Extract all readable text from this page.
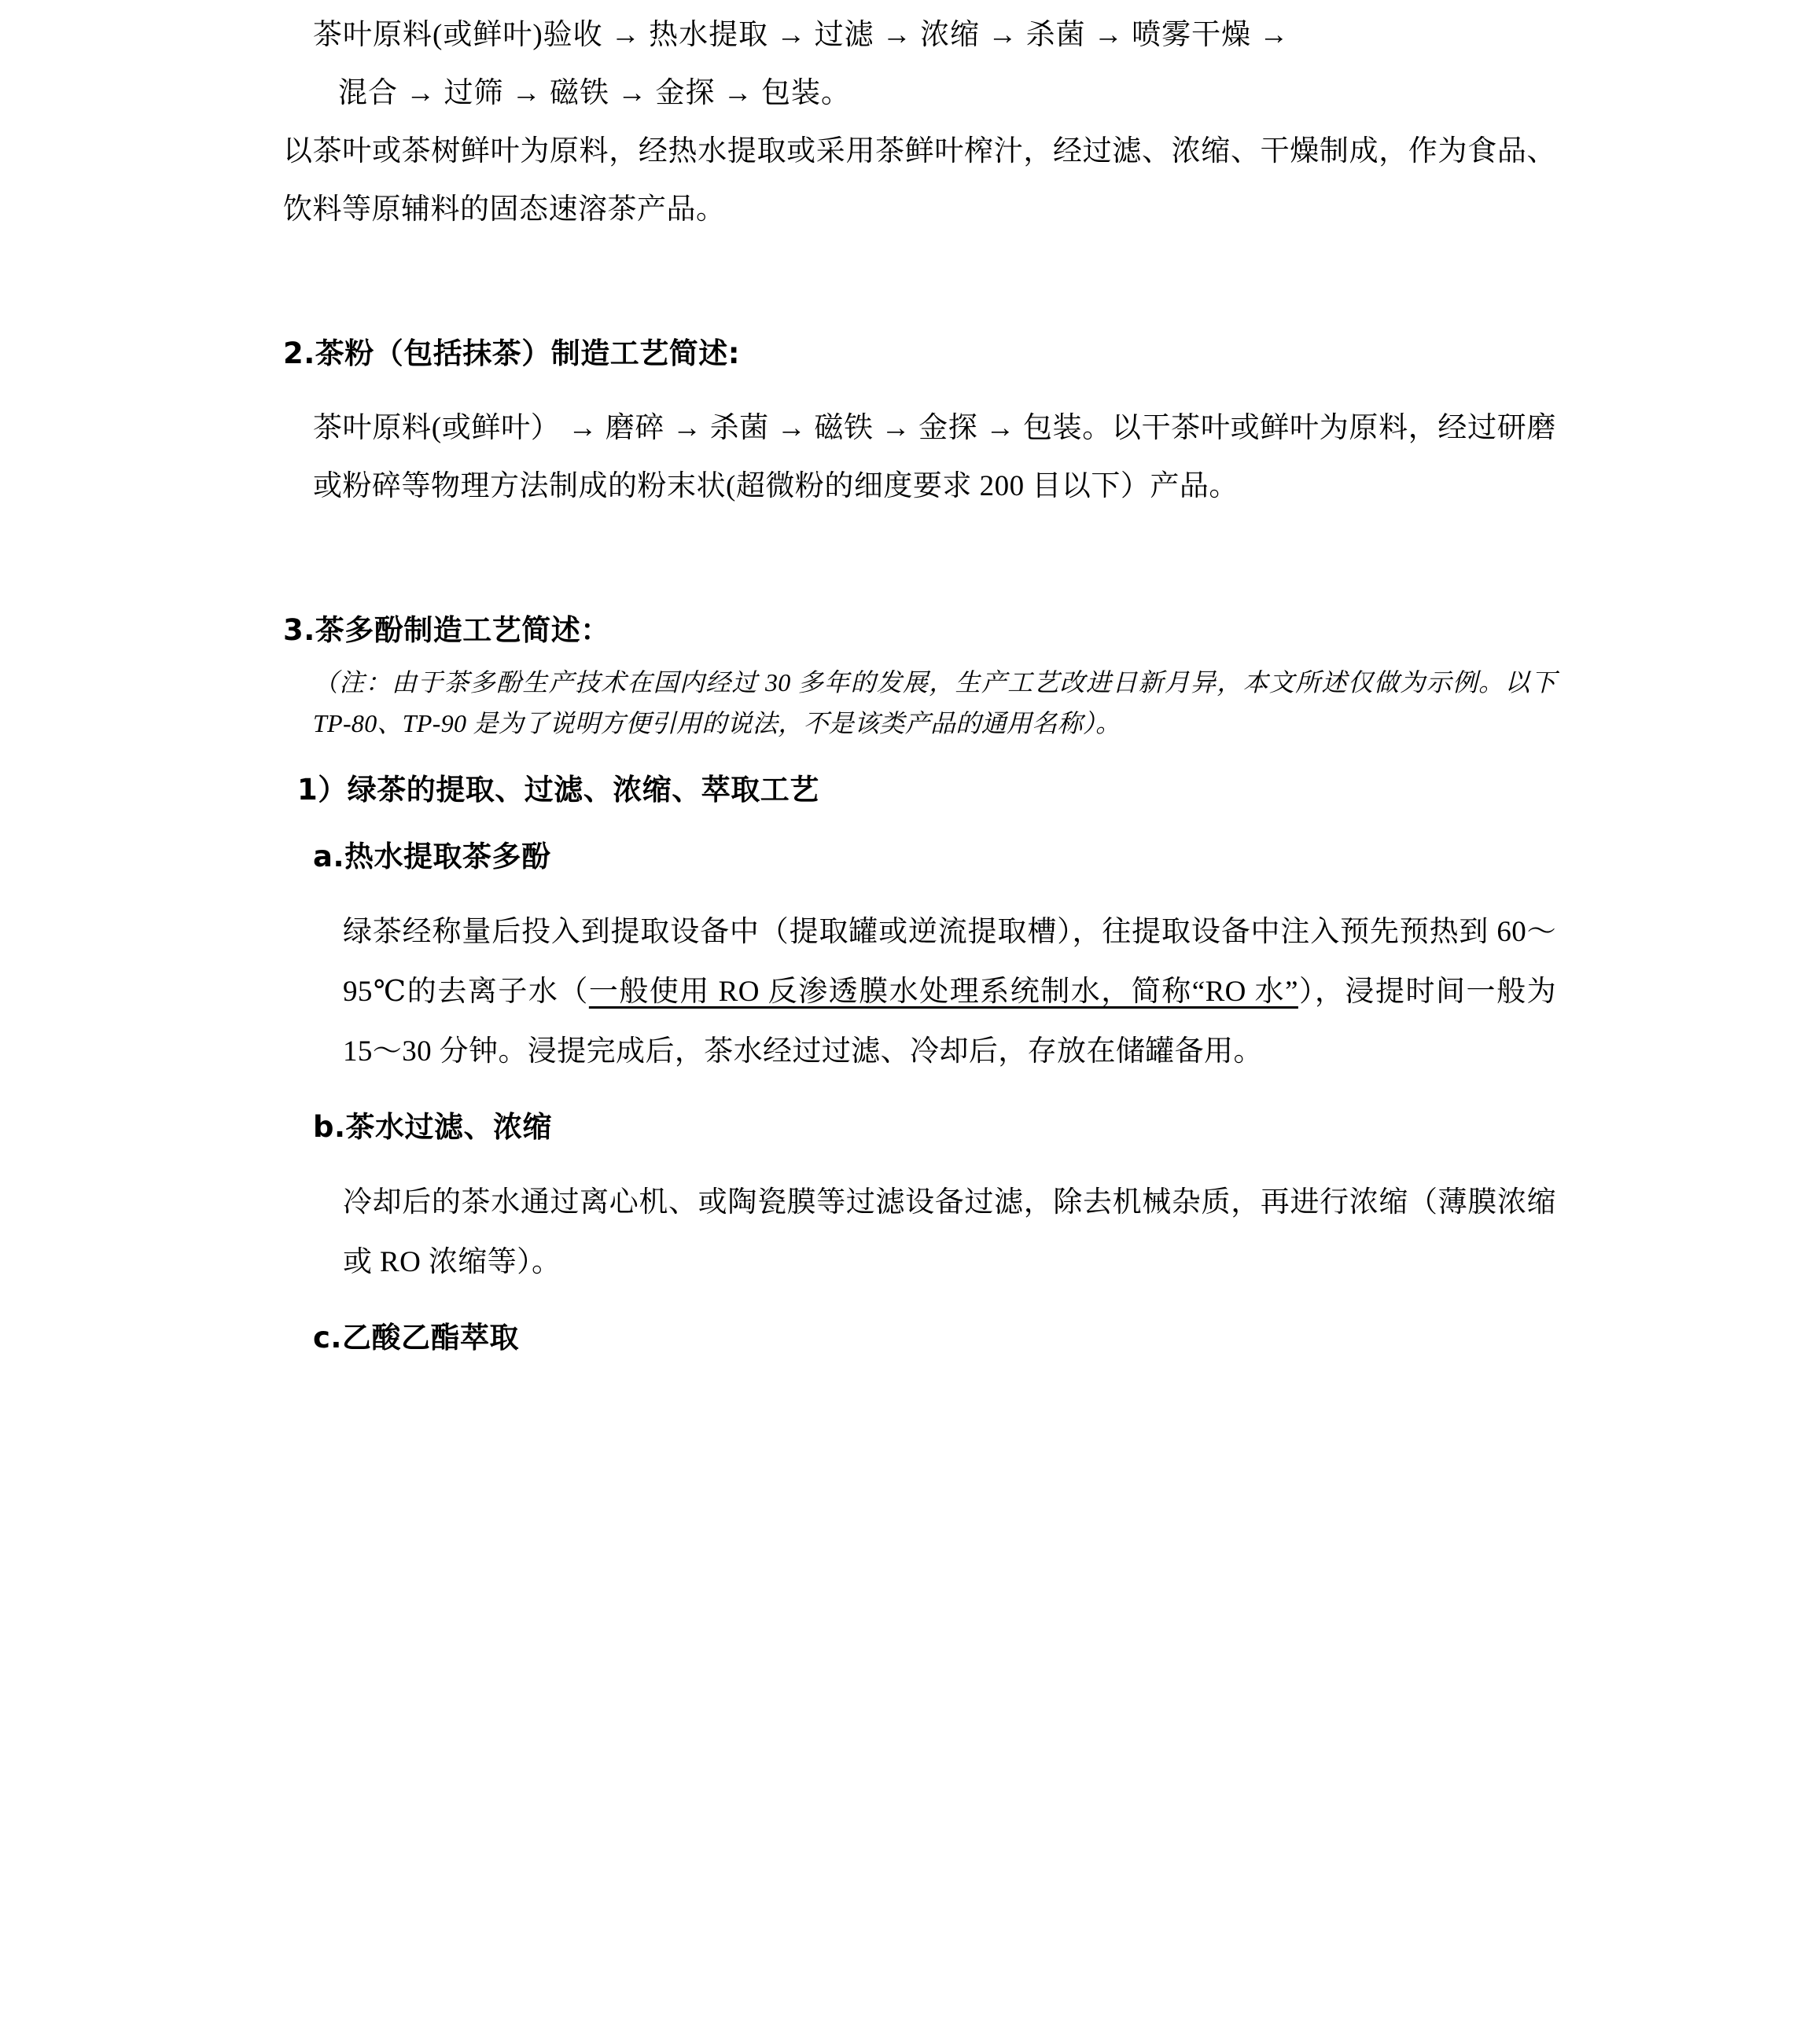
茶叶原料(或鲜叶)验收 → 热水提取 → 过滤 → 浓缩 → 杀菌 → 喷雾干燥 →

混合 → 过筛 → 磁铁 → 金探 → 包装。

以茶叶或茶树鲜叶为原料，经热水提取或采用茶鲜叶榨汁，经过滤、浓缩、干燥制成，作为食品、饮料等原辅料的固态速溶茶产品。

2.茶粉（包括抹茶）制造工艺简述:

茶叶原料(或鲜叶） → 磨碎 → 杀菌 → 磁铁 → 金探 → 包装。以干茶叶或鲜叶为原料，经过研磨或粉碎等物理方法制成的粉末状(超微粉的细度要求 200 目以下）产品。

3.茶多酚制造工艺简述：

（注：由于茶多酚生产技术在国内经过 30 多年的发展，生产工艺改进日新月异，本文所述仅做为示例。以下 TP-80、TP-90 是为了说明方便引用的说法，不是该类产品的通用名称）。

1）绿茶的提取、过滤、浓缩、萃取工艺
a.热水提取茶多酚

绿茶经称量后投入到提取设备中（提取罐或逆流提取槽），往提取设备中注入预先预热到 60～95℃的去离子水（一般使用 RO 反渗透膜水处理系统制水，简称“RO 水”），浸提时间一般为 15～30 分钟。浸提完成后，茶水经过过滤、冷却后，存放在储罐备用。

b.茶水过滤、浓缩

冷却后的茶水通过离心机、或陶瓷膜等过滤设备过滤，除去机械杂质，再进行浓缩（薄膜浓缩或 RO 浓缩等）。

c.乙酸乙酯萃取
